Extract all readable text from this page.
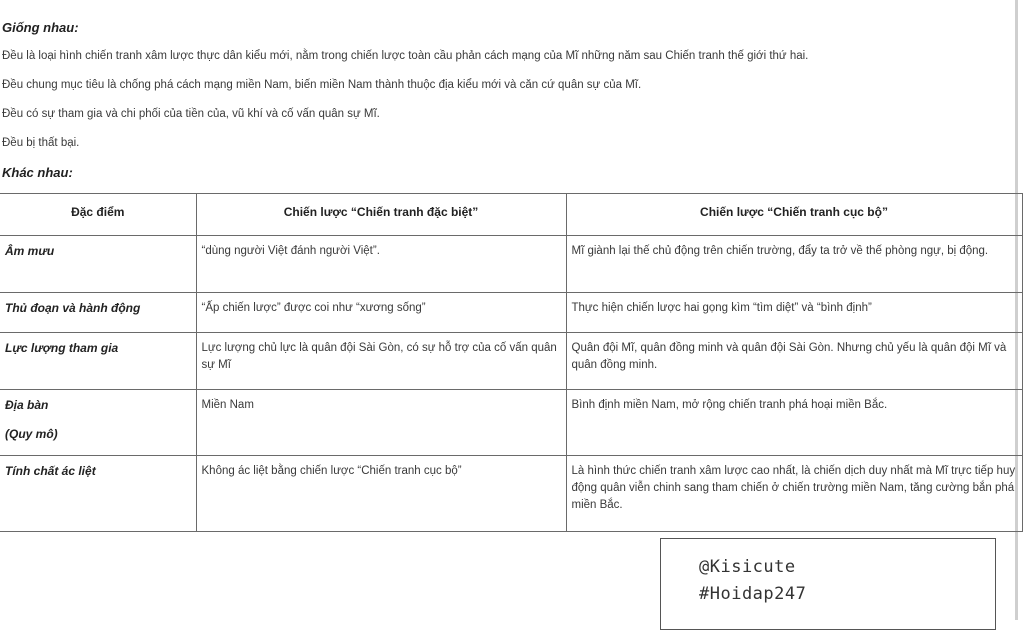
Giống nhau:
Đều là loại hình chiến tranh xâm lược thực dân kiểu mới, nằm trong chiến lược toàn cầu phản cách mạng của Mĩ những năm sau Chiến tranh thế giới thứ hai.
Đều chung mục tiêu là chống phá cách mạng miền Nam, biến miền Nam thành thuộc địa kiểu mới và căn cứ quân sự của Mĩ.
Đều có sự tham gia và chi phối của tiền của, vũ khí và cố vấn quân sự Mĩ.
Đều bị thất bại.
Khác nhau:
Đặc điểm	Chiến lược “Chiến tranh đặc biệt”	Chiến lược “Chiến tranh cục bộ”
Âm mưu	“dùng người Việt đánh người Việt”.	Mĩ giành lại thế chủ động trên chiến trường, đẩy ta trở về thế phòng ngự, bị động.
Thủ đoạn và hành động	“Ấp chiến lược” được coi như “xương sống”	Thực hiện chiến lược hai gọng kìm “tìm diệt” và “bình định”
Lực lượng tham gia	Lực lượng chủ lực là quân đội Sài Gòn, có sự hỗ trợ của cố vấn quân sự Mĩ	Quân đội Mĩ, quân đồng minh và quân đội Sài Gòn. Nhưng chủ yếu là quân đội Mĩ và quân đồng minh.

Địa bàn
(Quy mô)	Miền Nam	Bình định miền Nam, mở rộng chiến tranh phá hoại miền Bắc.
Tính chất ác liệt	Không ác liệt bằng chiến lược “Chiến tranh cục bộ”	Là hình thức chiến tranh xâm lược cao nhất, là chiến dịch duy nhất mà Mĩ trực tiếp huy động quân viễn chinh sang tham chiến ở chiến trường miền Nam, tăng cường bắn phá miền Bắc.
@Kisicute
#Hoidap247
